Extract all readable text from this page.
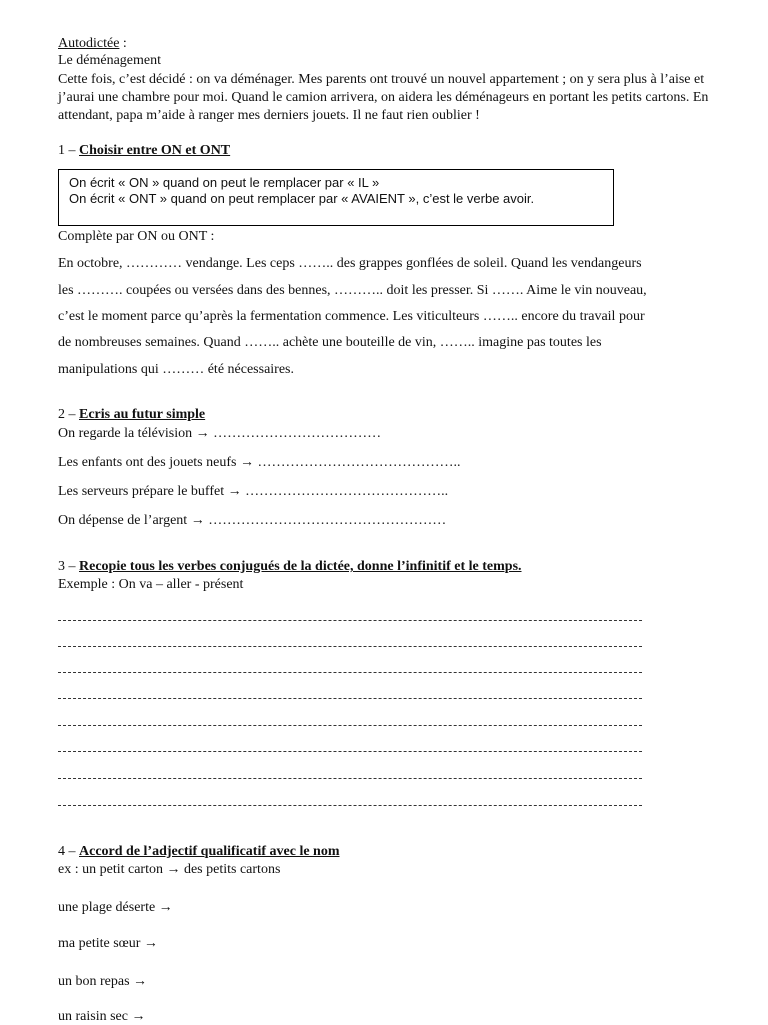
Autodictée :
Le déménagement
Cette fois, c’est décidé : on va déménager. Mes parents ont trouvé un nouvel appartement ; on y sera plus à l’aise et j’aurai une chambre pour moi. Quand le camion arrivera, on aidera les déménageurs en portant les petits cartons. En attendant, papa m’aide à ranger mes derniers jouets. Il ne faut rien oublier !
1 – Choisir entre ON et ONT
On écrit « ON » quand on peut le remplacer par « IL »
On écrit « ONT » quand on peut remplacer par « AVAIENT », c’est le verbe avoir.
Complète par ON ou ONT :
En octobre, ………… vendange. Les ceps …….. des grappes gonflées de soleil. Quand les vendangeurs
les ………. coupées ou versées dans des bennes, ……….. doit les presser. Si ……. Aime le vin nouveau,
c’est le moment parce qu’après la fermentation commence. Les viticulteurs …….. encore du travail pour
de nombreuses semaines. Quand …….. achète une bouteille de vin, …….. imagine pas toutes les
manipulations qui ……… été nécessaires.
2 – Ecris au futur simple
On regarde la télévision → ………………………………
Les enfants ont des jouets neufs → ……………………………………..
Les serveurs prépare le buffet → ……………………………………..
On dépense de l’argent → ……………………………………………
3 – Recopie tous les verbes conjugués de la dictée, donne l’infinitif et le temps.
Exemple : On va – aller - présent
4 – Accord de l’adjectif qualificatif avec le nom
ex : un petit carton → des petits cartons
une plage déserte →
ma petite sœur →
un bon repas →
un raisin sec →
